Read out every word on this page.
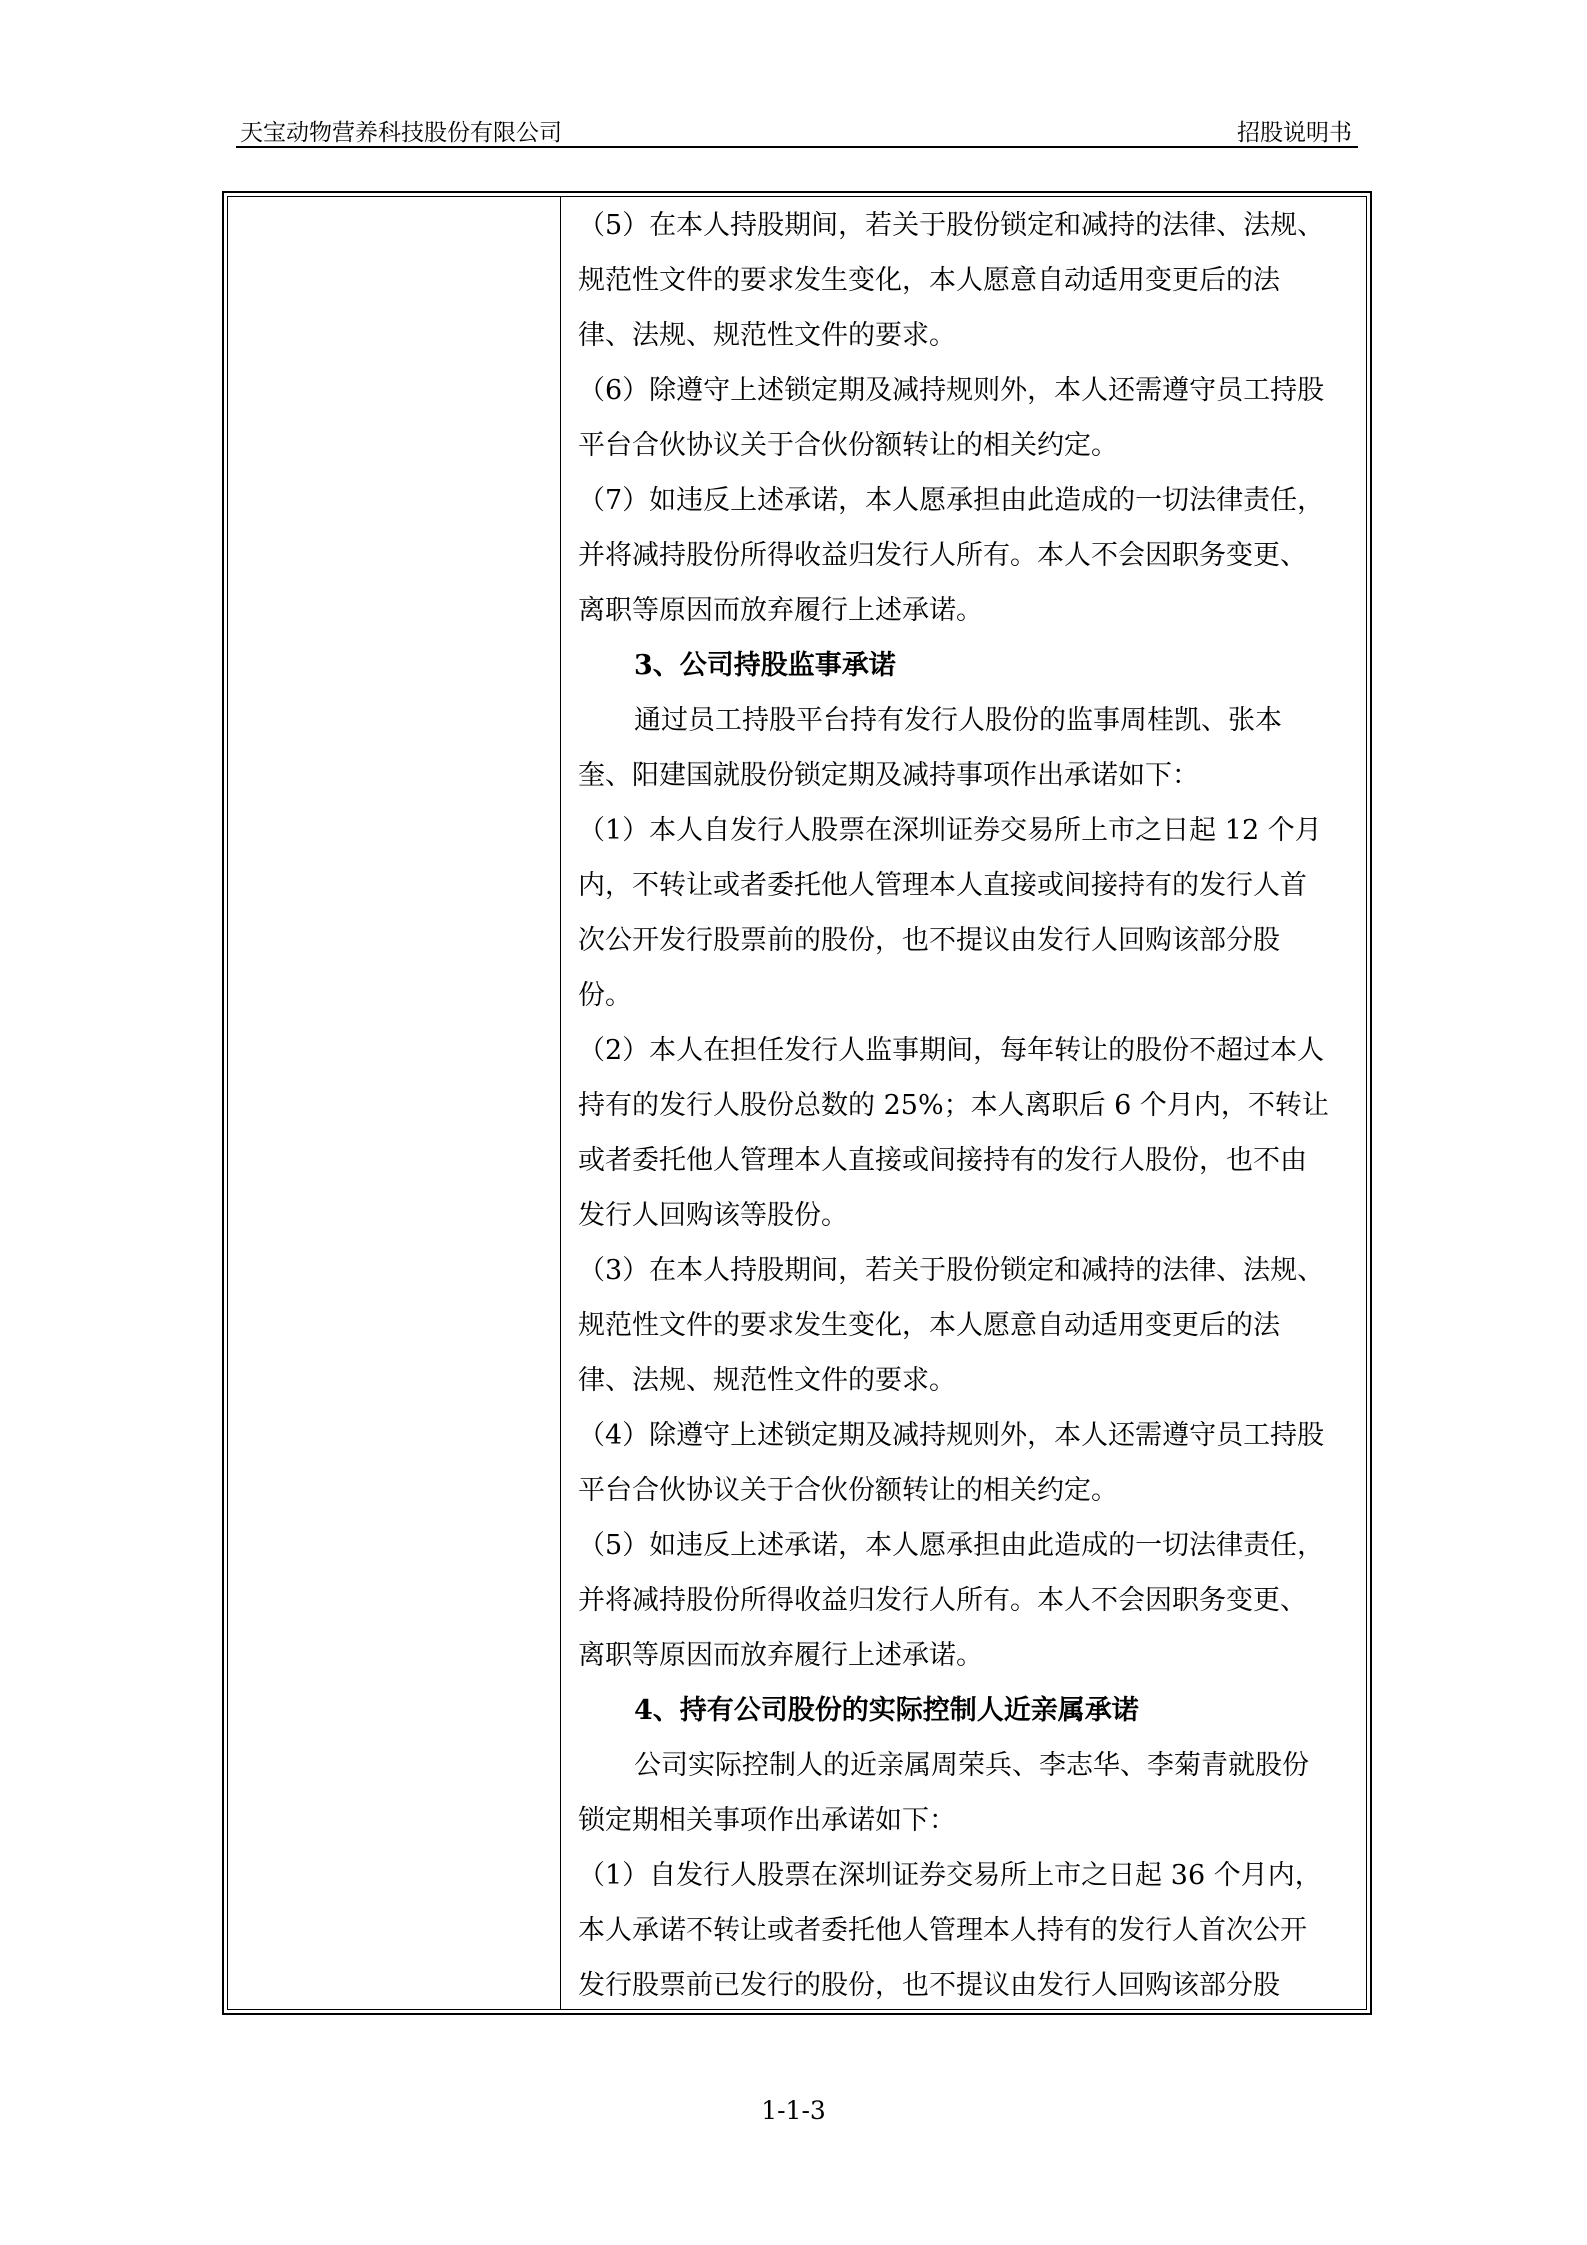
天宝动物营养科技股份有限公司	招股说明书
（5）在本人持股期间，若关于股份锁定和减持的法律、法规、
规范性文件的要求发生变化，本人愿意自动适用变更后的法
律、法规、规范性文件的要求。
（6）除遵守上述锁定期及减持规则外，本人还需遵守员工持股
平台合伙协议关于合伙份额转让的相关约定。
（7）如违反上述承诺，本人愿承担由此造成的一切法律责任，
并将减持股份所得收益归发行人所有。本人不会因职务变更、
离职等原因而放弃履行上述承诺。
3、公司持股监事承诺
通过员工持股平台持有发行人股份的监事周桂凯、张本
奎、阳建国就股份锁定期及减持事项作出承诺如下：
（1）本人自发行人股票在深圳证券交易所上市之日起 12 个月
内，不转让或者委托他人管理本人直接或间接持有的发行人首
次公开发行股票前的股份，也不提议由发行人回购该部分股
份。
（2）本人在担任发行人监事期间，每年转让的股份不超过本人
持有的发行人股份总数的 25%；本人离职后 6 个月内，不转让
或者委托他人管理本人直接或间接持有的发行人股份，也不由
发行人回购该等股份。
（3）在本人持股期间，若关于股份锁定和减持的法律、法规、
规范性文件的要求发生变化，本人愿意自动适用变更后的法
律、法规、规范性文件的要求。
（4）除遵守上述锁定期及减持规则外，本人还需遵守员工持股
平台合伙协议关于合伙份额转让的相关约定。
（5）如违反上述承诺，本人愿承担由此造成的一切法律责任，
并将减持股份所得收益归发行人所有。本人不会因职务变更、
离职等原因而放弃履行上述承诺。
4、持有公司股份的实际控制人近亲属承诺
公司实际控制人的近亲属周荣兵、李志华、李菊青就股份
锁定期相关事项作出承诺如下：
（1）自发行人股票在深圳证券交易所上市之日起 36 个月内，
本人承诺不转让或者委托他人管理本人持有的发行人首次公开
发行股票前已发行的股份，也不提议由发行人回购该部分股
1-1-3
